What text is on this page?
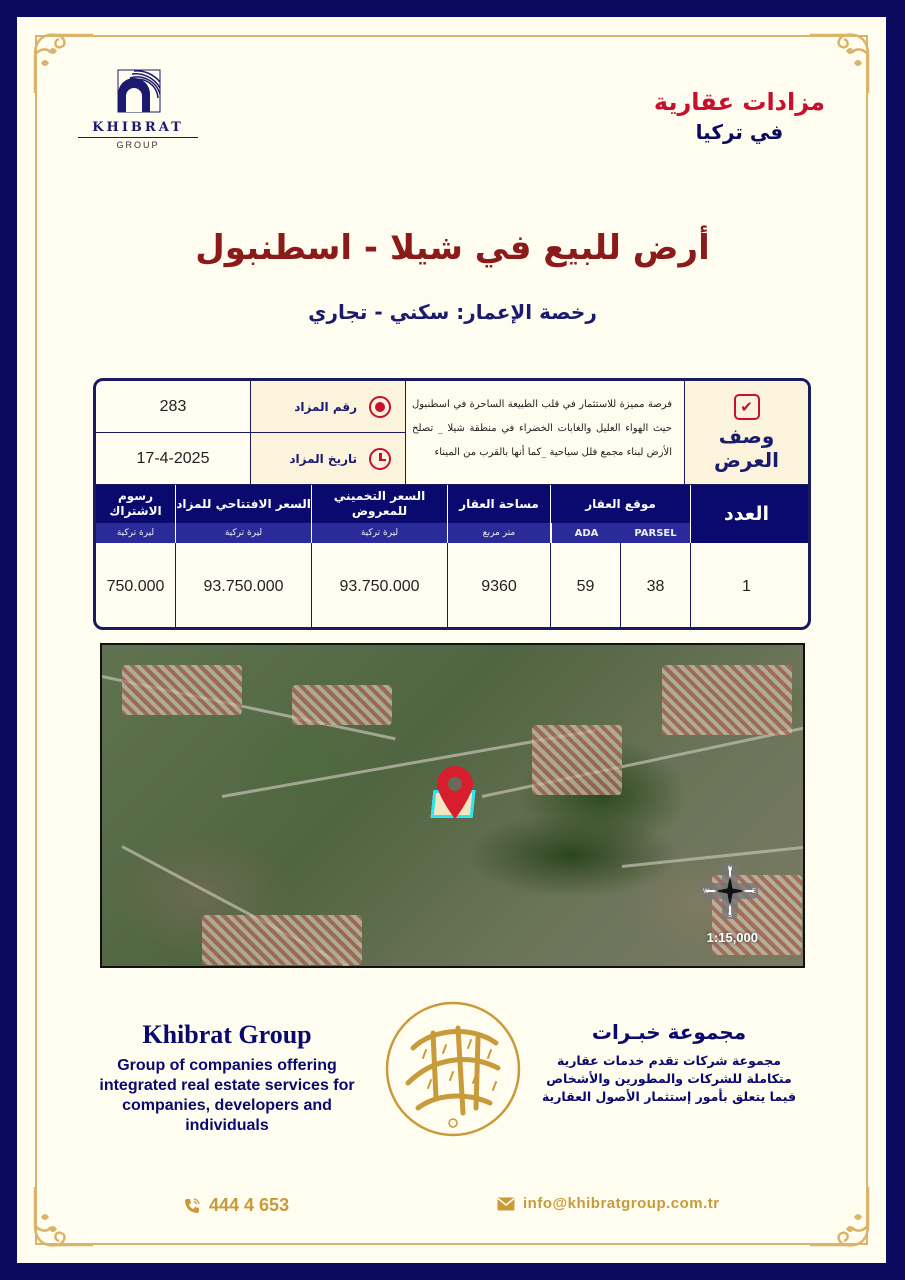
KHIBRAT
GROUP
مزادات عقارية
في تركيا
أرض للبيع في شيلا - اسطنبول
رخصة الإعمار: سكني - تجاري
✔
وصف العرض
فرصة مميزة للاستثمار في قلب الطبيعة الساحرة في اسطنبول حيث الهواء العليل والغابات الخضراء في منطقة شيلا _ تصلح الأرض لبناء مجمع فلل سياحية _كما أنها بالقرب من الميناء
رقم المزاد
283
تاريخ المزاد
17-4-2025
العدد
موقع العقار
PARSEL
ADA
مساحة العقار
متر مربع
السعر التخميني للمعروض
ليرة تركية
السعر الافتتاحي للمزاد
ليرة تركية
رسوم الاشتراك
ليرة تركية
1
38
59
9360
93.750.000
93.750.000
750.000
N
E
S
W
1:15,000
Khibrat Group
Group of companies offering integrated real estate services for companies, developers and individuals
مجموعة خبـرات
مجموعة شركات تقدم خدمات عقارية متكاملة للشركات والمطورين والأشخاص فيما يتعلق بأمور إستثمار الأصول العقارية
444 4 653	info@khibratgroup.com.tr
